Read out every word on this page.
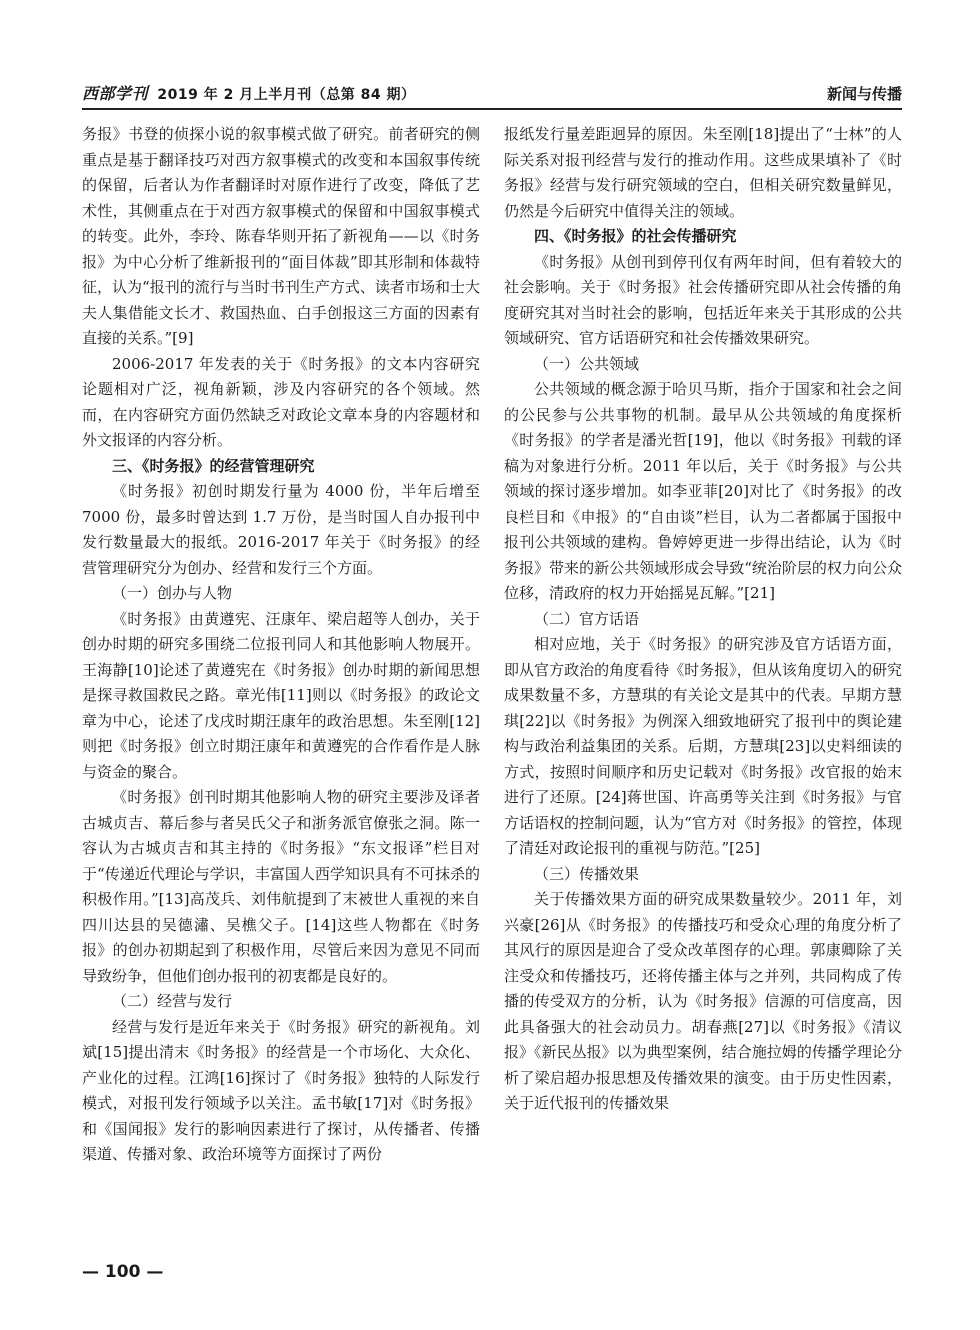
西部学刊 2019 年 2 月上半月刊（总第 84 期）	新闻与传播

务报》书登的侦探小说的叙事模式做了研究。前者研究的侧重点是基于翻译技巧对西方叙事模式的改变和本国叙事传统的保留，后者认为作者翻译时对原作进行了改变，降低了艺术性，其侧重点在于对西方叙事模式的保留和中国叙事模式的转变。此外，李玲、陈春华则开拓了新视角——以《时务报》为中心分析了维新报刊的“面目体裁”即其形制和体裁特征，认为“报刊的流行与当时书刊生产方式、读者市场和士大夫人集借能文长才、救国热血、白手创报这三方面的因素有直接的关系。”[9]

2006-2017 年发表的关于《时务报》的文本内容研究论题相对广泛，视角新颖，涉及内容研究的各个领域。然而，在内容研究方面仍然缺乏对政论文章本身的内容题材和外文报译的内容分析。

三、《时务报》的经营管理研究

《时务报》初创时期发行量为 4000 份，半年后增至 7000 份，最多时曾达到 1.7 万份，是当时国人自办报刊中发行数量最大的报纸。2016-2017 年关于《时务报》的经营管理研究分为创办、经营和发行三个方面。

（一）创办与人物

《时务报》由黄遵宪、汪康年、梁启超等人创办，关于创办时期的研究多围绕二位报刊同人和其他影响人物展开。王海静[10]论述了黄遵宪在《时务报》创办时期的新闻思想是探寻救国救民之路。章光伟[11]则以《时务报》的政论文章为中心，论述了戊戌时期汪康年的政治思想。朱至刚[12]则把《时务报》创立时期汪康年和黄遵宪的合作看作是人脉与资金的聚合。

《时务报》创刊时期其他影响人物的研究主要涉及译者古城贞吉、幕后参与者吴氏父子和浙务派官僚张之洞。陈一容认为古城贞吉和其主持的《时务报》“东文报译”栏目对于“传递近代理论与学识，丰富国人西学知识具有不可抹杀的积极作用。”[13]高茂兵、刘伟航提到了末被世人重视的来自四川达县的吴德潚、吴樵父子。[14]这些人物都在《时务报》的创办初期起到了积极作用，尽管后来因为意见不同而导致纷争，但他们创办报刊的初衷都是良好的。

（二）经营与发行

经营与发行是近年来关于《时务报》研究的新视角。刘斌[15]提出清末《时务报》的经营是一个市场化、大众化、产业化的过程。江鸿[16]探讨了《时务报》独特的人际发行模式，对报刊发行领域予以关注。孟书敏[17]对《时务报》和《国闻报》发行的影响因素进行了探讨，从传播者、传播渠道、传播对象、政治环境等方面探讨了两份

报纸发行量差距迥异的原因。朱至刚[18]提出了“士林”的人际关系对报刊经营与发行的推动作用。这些成果填补了《时务报》经营与发行研究领域的空白，但相关研究数量鲜见，仍然是今后研究中值得关注的领域。

四、《时务报》的社会传播研究

《时务报》从创刊到停刊仅有两年时间，但有着较大的社会影响。关于《时务报》社会传播研究即从社会传播的角度研究其对当时社会的影响，包括近年来关于其形成的公共领域研究、官方话语研究和社会传播效果研究。

（一）公共领域

公共领域的概念源于哈贝马斯，指介于国家和社会之间的公民参与公共事物的机制。最早从公共领域的角度探析《时务报》的学者是潘光哲[19]，他以《时务报》刊载的译稿为对象进行分析。2011 年以后，关于《时务报》与公共领域的探讨逐步增加。如李亚菲[20]对比了《时务报》的改良栏目和《申报》的“自由谈”栏目，认为二者都属于国报中报刊公共领域的建构。鲁婷婷更进一步得出结论，认为《时务报》带来的新公共领域形成会导致“统治阶层的权力向公众位移，清政府的权力开始摇晃瓦解。”[21]

（二）官方话语

相对应地，关于《时务报》的研究涉及官方话语方面，即从官方政治的角度看待《时务报》，但从该角度切入的研究成果数量不多，方慧琪的有关论文是其中的代表。早期方慧琪[22]以《时务报》为例深入细致地研究了报刊中的舆论建构与政治利益集团的关系。后期，方慧琪[23]以史料细读的方式，按照时间顺序和历史记载对《时务报》改官报的始末进行了还原。[24]蒋世国、许高勇等关注到《时务报》与官方话语权的控制问题，认为“官方对《时务报》的管控，体现了清廷对政论报刊的重视与防范。”[25]

（三）传播效果

关于传播效果方面的研究成果数量较少。2011 年，刘兴豪[26]从《时务报》的传播技巧和受众心理的角度分析了其风行的原因是迎合了受众改革图存的心理。郭康卿除了关注受众和传播技巧，还将传播主体与之并列，共同构成了传播的传受双方的分析，认为《时务报》信源的可信度高，因此具备强大的社会动员力。胡春燕[27]以《时务报》《清议报》《新民丛报》以为典型案例，结合施拉姆的传播学理论分析了梁启超办报思想及传播效果的演变。由于历史性因素，关于近代报刊的传播效果

— 100 —
